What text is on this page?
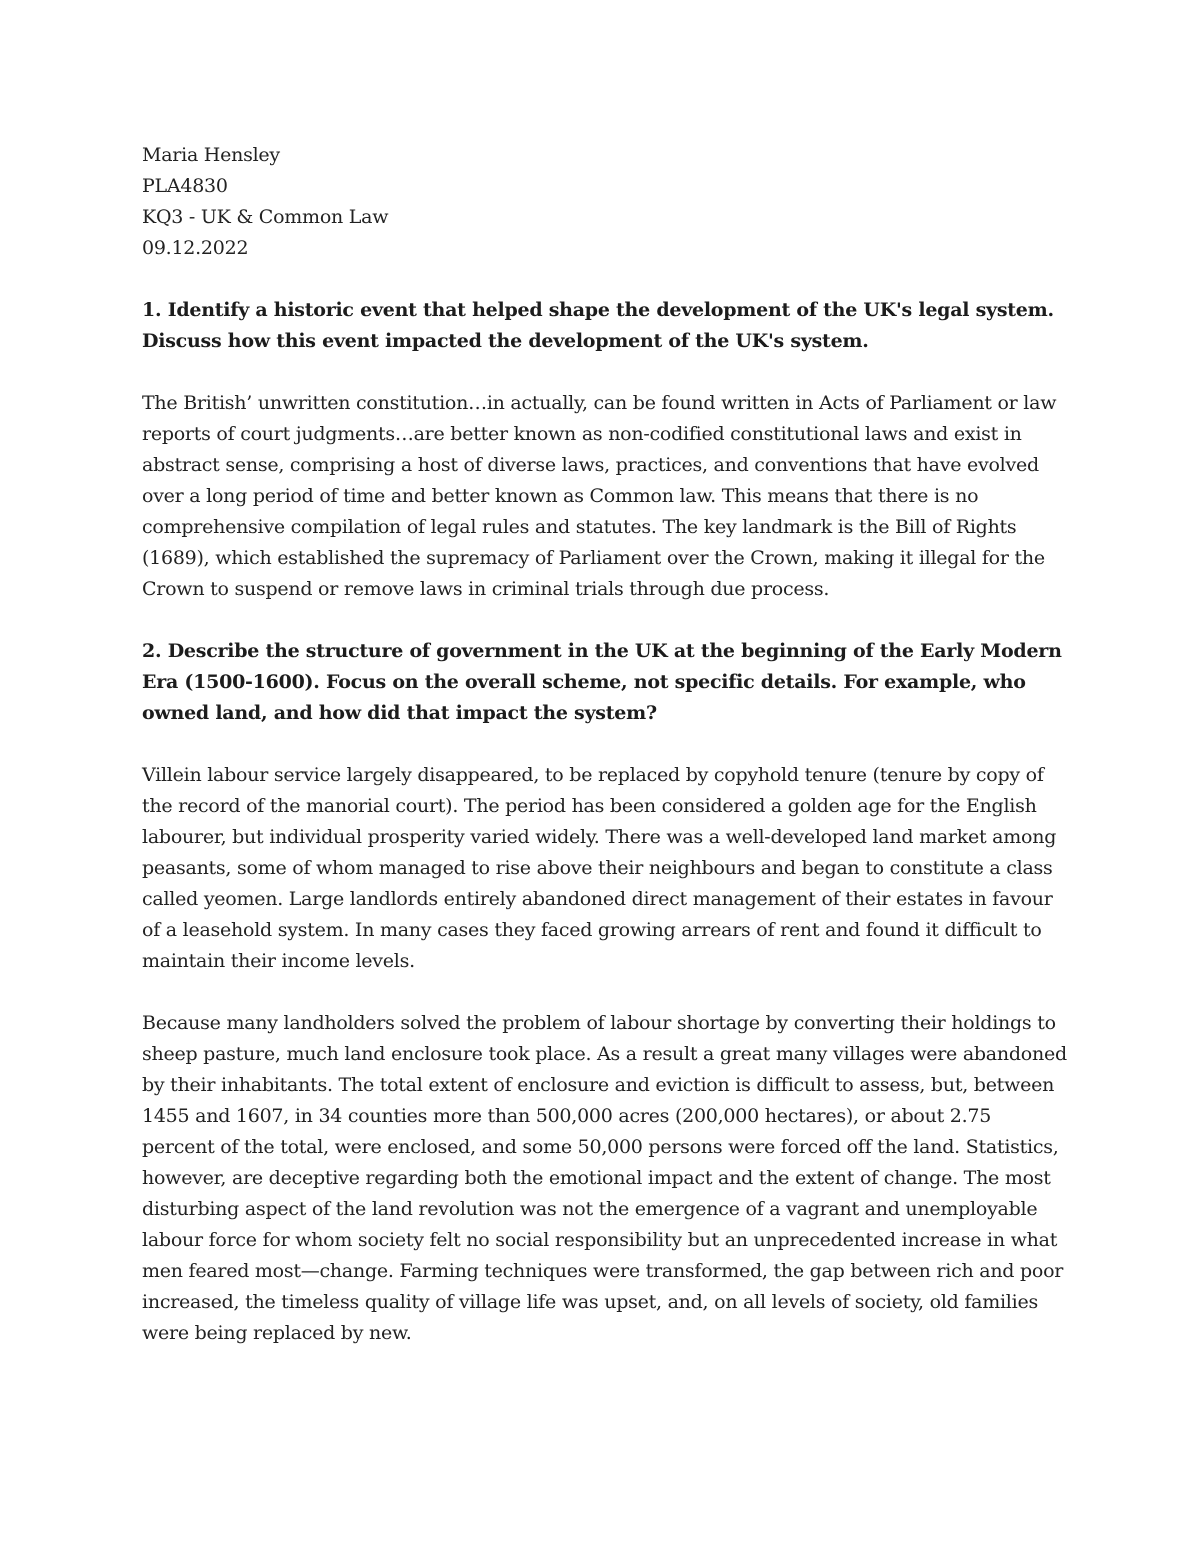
Maria Hensley
PLA4830
KQ3 - UK & Common Law
09.12.2022

1. Identify a historic event that helped shape the development of the UK's legal system. Discuss how this event impacted the development of the UK's system.

The British’ unwritten constitution…in actually, can be found written in Acts of Parliament or law reports of court judgments…are better known as non-codified constitutional laws and exist in abstract sense, comprising a host of diverse laws, practices, and conventions that have evolved over a long period of time and better known as Common law. This means that there is no comprehensive compilation of legal rules and statutes. The key landmark is the Bill of Rights (1689), which established the supremacy of Parliament over the Crown, making it illegal for the Crown to suspend or remove laws in criminal trials through due process.

2. Describe the structure of government in the UK at the beginning of the Early Modern Era (1500-1600). Focus on the overall scheme, not specific details. For example, who owned land, and how did that impact the system?

Villein labour service largely disappeared, to be replaced by copyhold tenure (tenure by copy of the record of the manorial court). The period has been considered a golden age for the English labourer, but individual prosperity varied widely. There was a well-developed land market among peasants, some of whom managed to rise above their neighbours and began to constitute a class called yeomen. Large landlords entirely abandoned direct management of their estates in favour of a leasehold system. In many cases they faced growing arrears of rent and found it difficult to maintain their income levels.

Because many landholders solved the problem of labour shortage by converting their holdings to sheep pasture, much land enclosure took place. As a result a great many villages were abandoned by their inhabitants. The total extent of enclosure and eviction is difficult to assess, but, between 1455 and 1607, in 34 counties more than 500,000 acres (200,000 hectares), or about 2.75 percent of the total, were enclosed, and some 50,000 persons were forced off the land. Statistics, however, are deceptive regarding both the emotional impact and the extent of change. The most disturbing aspect of the land revolution was not the emergence of a vagrant and unemployable labour force for whom society felt no social responsibility but an unprecedented increase in what men feared most—change. Farming techniques were transformed, the gap between rich and poor increased, the timeless quality of village life was upset, and, on all levels of society, old families were being replaced by new.
